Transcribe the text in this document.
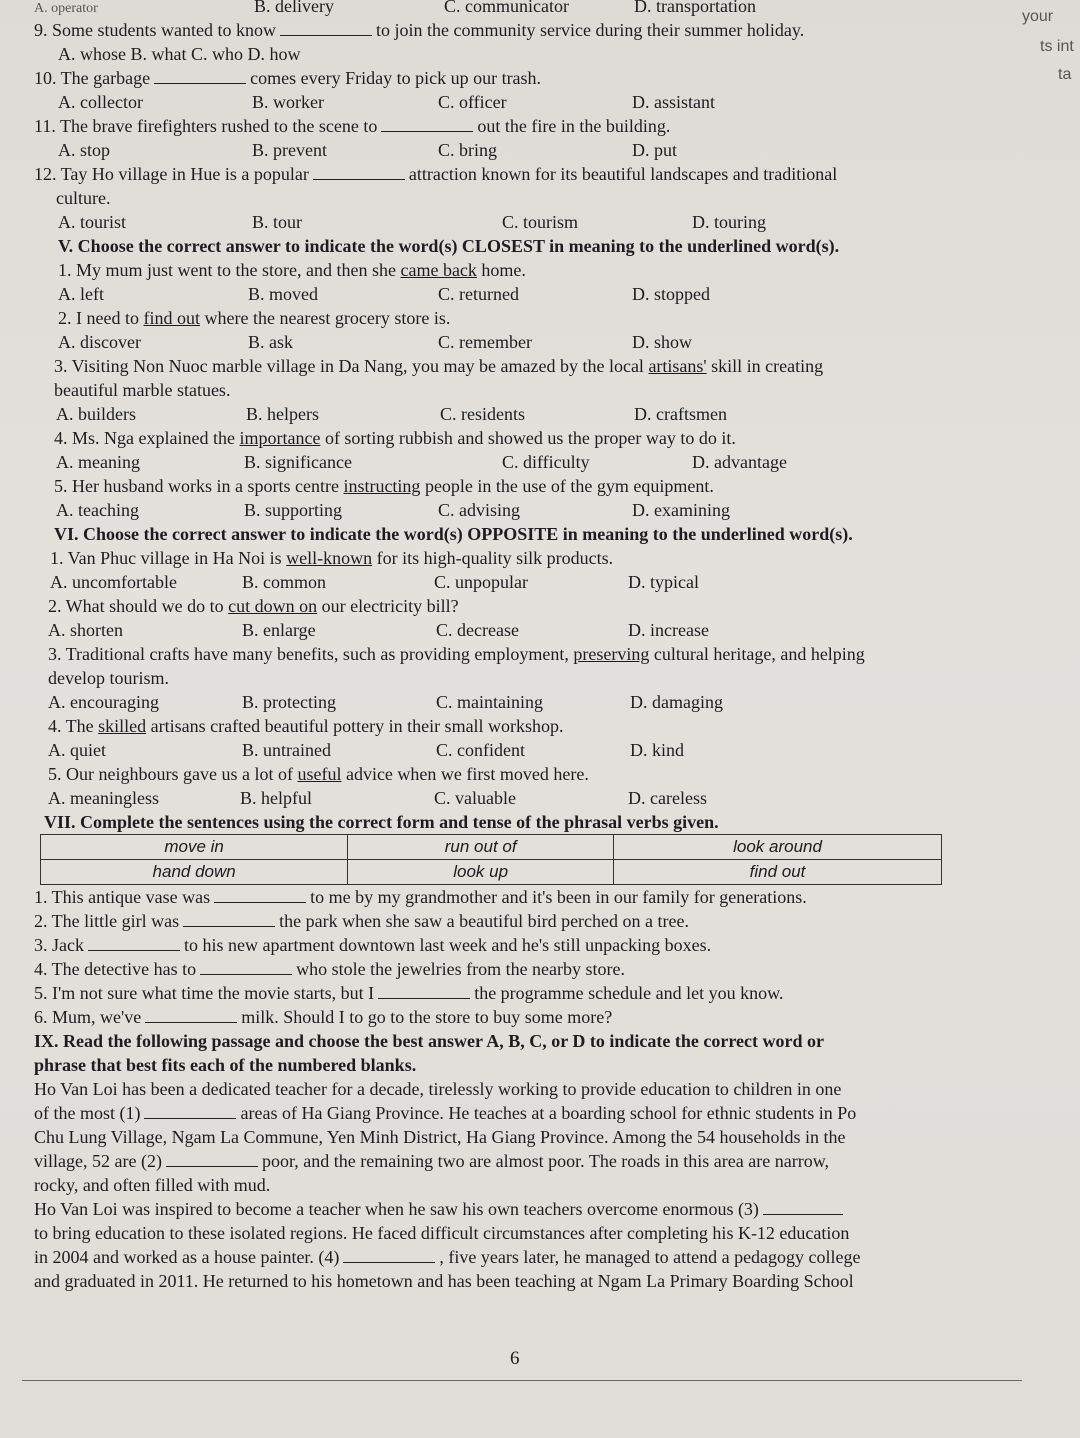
your
ts int
ta
A. operator	B. delivery	C. communicator	D. transportation

9. Some students wanted to know	to join the community service during their summer holiday.

A. whose B. what C. who D. how

10. The garbage	comes every Friday to pick up our trash.

A. collector	B. worker	C. officer	D. assistant

11. The brave firefighters rushed to the scene to	out the fire in the building.

A. stop	B. prevent	C. bring	D. put

12. Tay Ho village in Hue is a popular	attraction known for its beautiful landscapes and traditional

culture.

A. tourist	B. tour	C. tourism	D. touring

V. Choose the correct answer to indicate the word(s) CLOSEST in meaning to the underlined word(s).

1. My mum just went to the store, and then she came back home.

A. left	B. moved	C. returned	D. stopped

2. I need to find out where the nearest grocery store is.

A. discover	B. ask	C. remember	D. show

3. Visiting Non Nuoc marble village in Da Nang, you may be amazed by the local artisans' skill in creating

beautiful marble statues.

A. builders	B. helpers	C. residents	D. craftsmen

4. Ms. Nga explained the importance of sorting rubbish and showed us the proper way to do it.

A. meaning	B. significance	C. difficulty	D. advantage

5. Her husband works in a sports centre instructing people in the use of the gym equipment.

A. teaching	B. supporting	C. advising	D. examining

VI. Choose the correct answer to indicate the word(s) OPPOSITE in meaning to the underlined word(s).

1. Van Phuc village in Ha Noi is well-known for its high-quality silk products.

A. uncomfortable	B. common	C. unpopular	D. typical

2. What should we do to cut down on our electricity bill?

A. shorten	B. enlarge	C. decrease	D. increase

3. Traditional crafts have many benefits, such as providing employment, preserving cultural heritage, and helping

develop tourism.

A. encouraging	B. protecting	C. maintaining	D. damaging

4. The skilled artisans crafted beautiful pottery in their small workshop.

A. quiet	B. untrained	C. confident	D. kind

5. Our neighbours gave us a lot of useful advice when we first moved here.

A. meaningless	B. helpful	C. valuable	D. careless

VII. Complete the sentences using the correct form and tense of the phrasal verbs given.

move in	run out of	look around
hand down	look up	find out

1. This antique vase was	to me by my grandmother and it's been in our family for generations.

2. The little girl was	the park when she saw a beautiful bird perched on a tree.

3. Jack	to his new apartment downtown last week and he's still unpacking boxes.

4. The detective has to	who stole the jewelries from the nearby store.

5. I'm not sure what time the movie starts, but I	the programme schedule and let you know.

6. Mum, we've	milk. Should I to go to the store to buy some more?

IX. Read the following passage and choose the best answer A, B, C, or D to indicate the correct word or

phrase that best fits each of the numbered blanks.

Ho Van Loi has been a dedicated teacher for a decade, tirelessly working to provide education to children in one

of the most (1)	areas of Ha Giang Province. He teaches at a boarding school for ethnic students in Po

Chu Lung Village, Ngam La Commune, Yen Minh District, Ha Giang Province. Among the 54 households in the

village, 52 are (2)	poor, and the remaining two are almost poor. The roads in this area are narrow,

rocky, and often filled with mud.

Ho Van Loi was inspired to become a teacher when he saw his own teachers overcome enormous (3)

to bring education to these isolated regions. He faced difficult circumstances after completing his K-12 education

in 2004 and worked as a house painter. (4)	, five years later, he managed to attend a pedagogy college

and graduated in 2011. He returned to his hometown and has been teaching at Ngam La Primary Boarding School

6
